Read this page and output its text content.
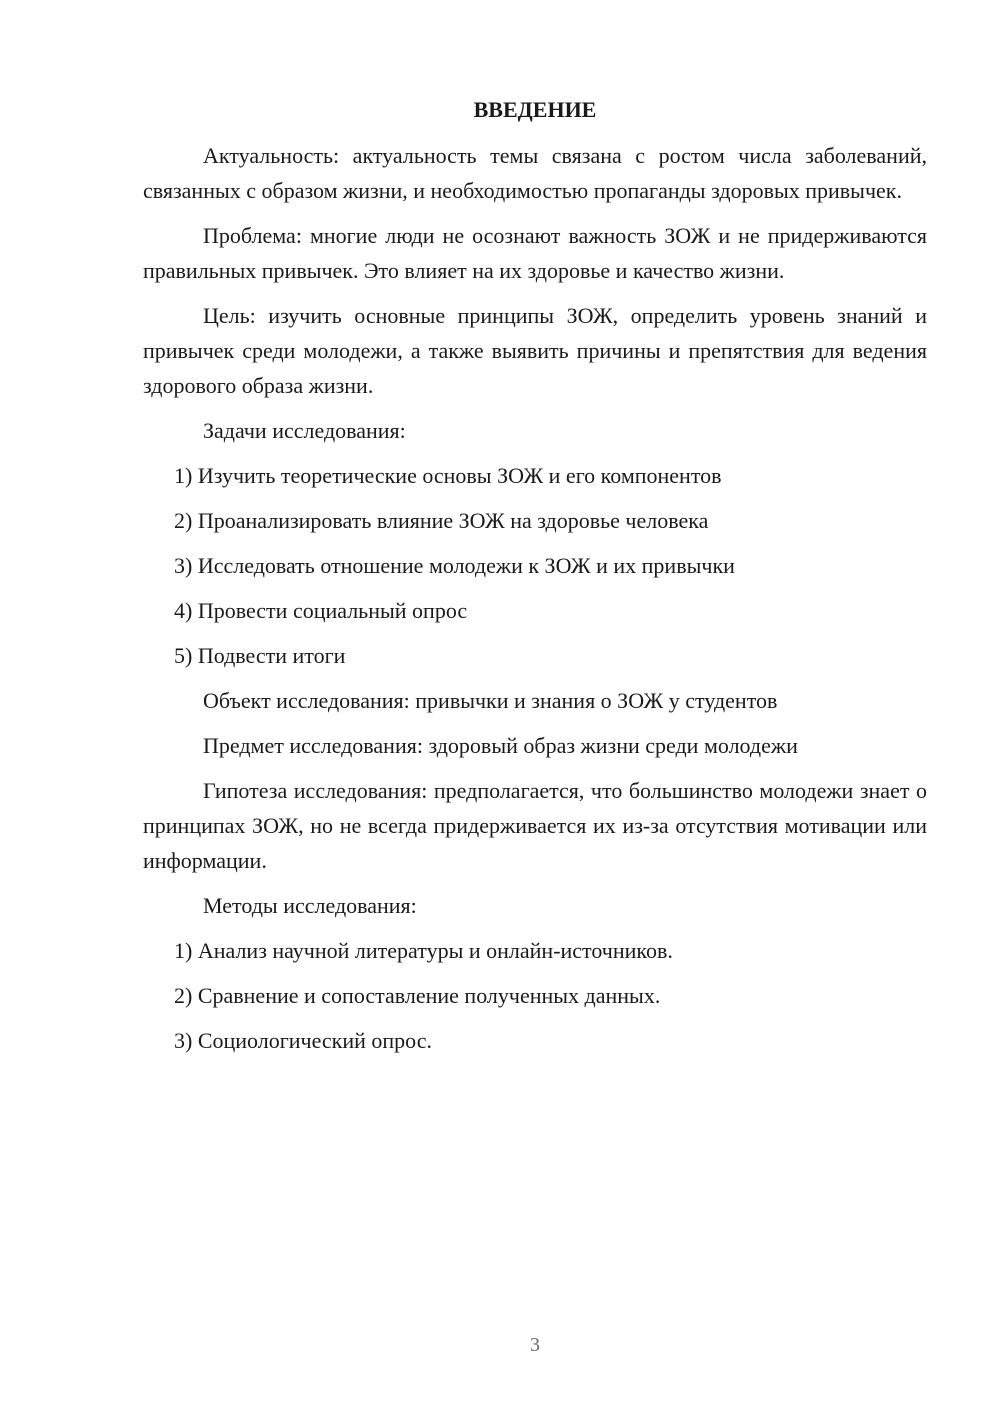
ВВЕДЕНИЕ

Актуальность: актуальность темы связана с ростом числа заболеваний, связанных с образом жизни, и необходимостью пропаганды здоровых привычек.

Проблема: многие люди не осознают важность ЗОЖ и не придерживаются правильных привычек. Это влияет на их здоровье и качество жизни.

Цель: изучить основные принципы ЗОЖ, определить уровень знаний и привычек среди молодежи, а также выявить причины и препятствия для ведения здорового образа жизни.

Задачи исследования:

1) Изучить теоретические основы ЗОЖ и его компонентов
2) Проанализировать влияние ЗОЖ на здоровье человека
3) Исследовать отношение молодежи к ЗОЖ и их привычки
4) Провести социальный опрос
5) Подвести итоги

Объект исследования: привычки и знания о ЗОЖ у студентов

Предмет исследования: здоровый образ жизни среди молодежи

Гипотеза исследования: предполагается, что большинство молодежи знает о принципах ЗОЖ, но не всегда придерживается их из-за отсутствия мотивации или информации.

Методы исследования:

1) Анализ научной литературы и онлайн-источников.
2) Сравнение и сопоставление полученных данных.
3) Социологический опрос.
3
